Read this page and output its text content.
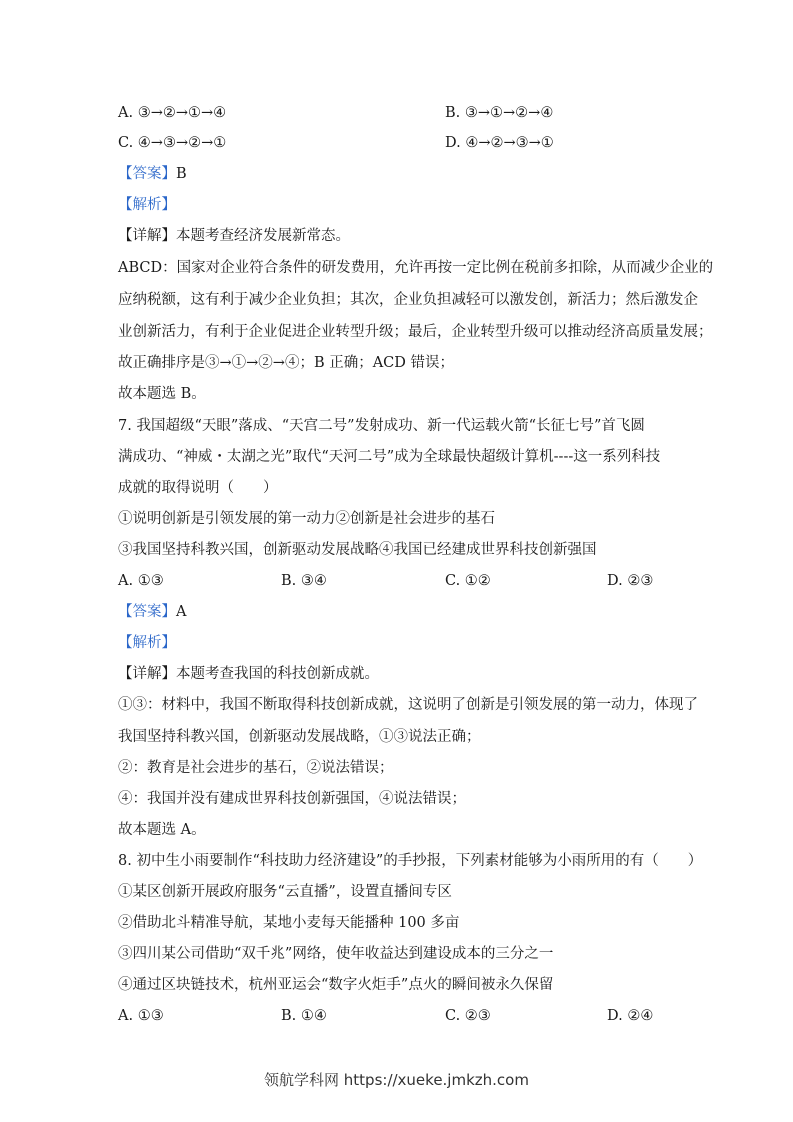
A. ③→②→①→④	B. ③→①→②→④
C. ④→③→②→①	D. ④→②→③→①
【答案】B
【解析】
【详解】本题考查经济发展新常态。
ABCD：国家对企业符合条件的研发费用，允许再按一定比例在税前多扣除，从而减少企业的
应纳税额，这有利于减少企业负担；其次，企业负担减轻可以激发创，新活力；然后激发企
业创新活力，有利于企业促进企业转型升级；最后，企业转型升级可以推动经济高质量发展；
故正确排序是③→①→②→④；B 正确；ACD 错误；
故本题选 B。
7. 我国超级“天眼”落成、“天宫二号”发射成功、新一代运载火箭“长征七号”首飞圆
满成功、“神威・太湖之光”取代“天河二号”成为全球最快超级计算机----这一系列科技
成就的取得说明（　　）
①说明创新是引领发展的第一动力②创新是社会进步的基石
③我国坚持科教兴国，创新驱动发展战略④我国已经建成世界科技创新强国
A. ①③	B. ③④	C. ①②	D. ②③
【答案】A
【解析】
【详解】本题考查我国的科技创新成就。
①③：材料中，我国不断取得科技创新成就，这说明了创新是引领发展的第一动力，体现了
我国坚持科教兴国，创新驱动发展战略，①③说法正确；
②：教育是社会进步的基石，②说法错误；
④：我国并没有建成世界科技创新强国，④说法错误；
故本题选 A。
8. 初中生小雨要制作“科技助力经济建设”的手抄报，下列素材能够为小雨所用的有（　　）
①某区创新开展政府服务“云直播”，设置直播间专区
②借助北斗精准导航，某地小麦每天能播种 100 多亩
③四川某公司借助“双千兆”网络，使年收益达到建设成本的三分之一
④通过区块链技术，杭州亚运会“数字火炬手”点火的瞬间被永久保留
A. ①③	B. ①④	C. ②③	D. ②④
领航学科网 https://xueke.jmkzh.com
